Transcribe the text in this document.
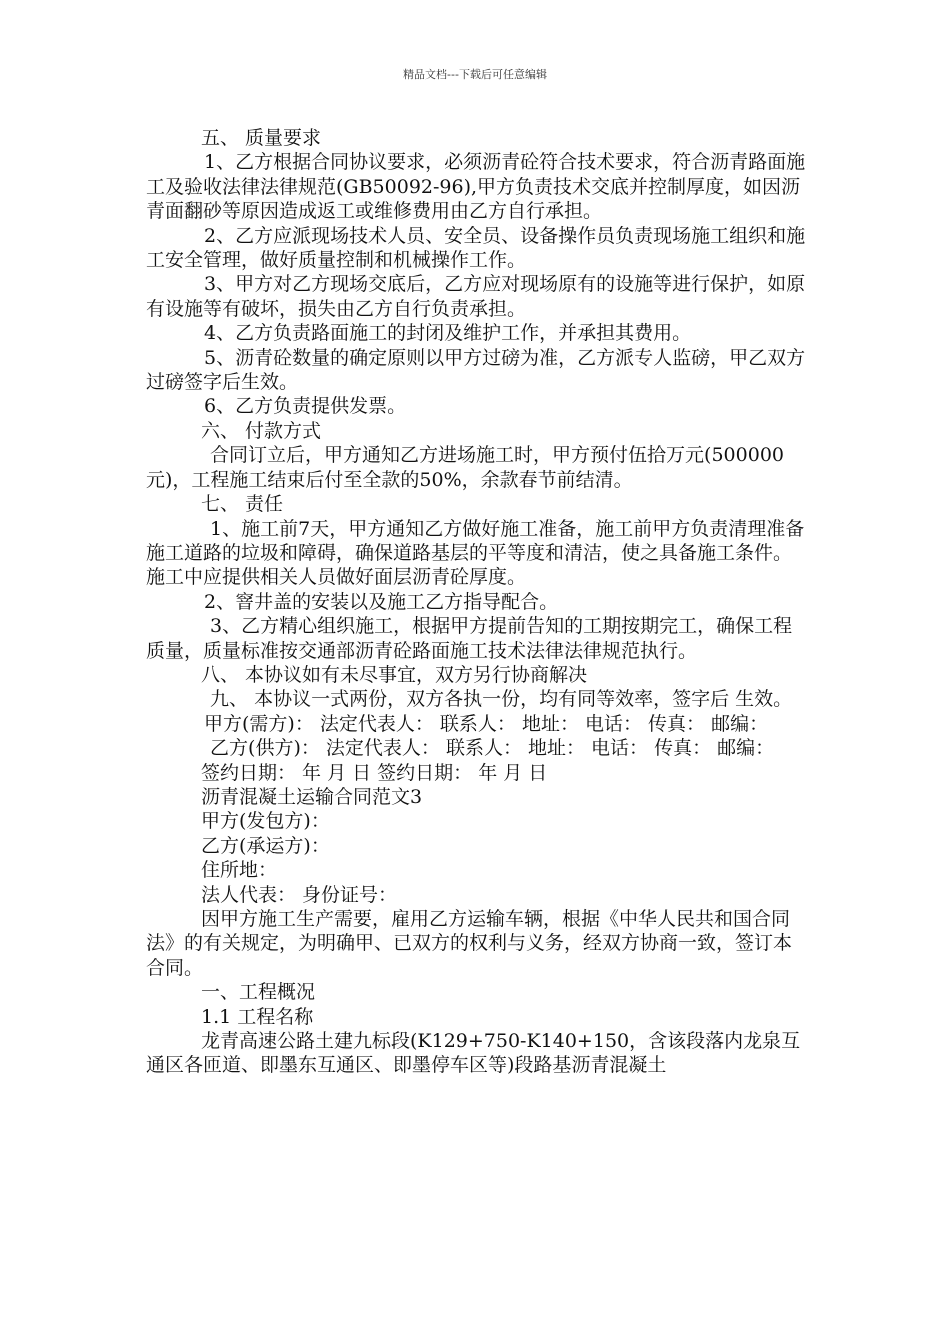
精品文档---下载后可任意编辑

五、 质量要求

1、乙方根据合同协议要求，必须沥青砼符合技术要求，符合沥青路面施工及验收法律法律规范(GB50092-96),甲方负责技术交底并控制厚度，如因沥青面翻砂等原因造成返工或维修费用由乙方自行承担。

2、乙方应派现场技术人员、安全员、设备操作员负责现场施工组织和施工安全管理，做好质量控制和机械操作工作。

3、甲方对乙方现场交底后，乙方应对现场原有的设施等进行保护，如原有设施等有破坏，损失由乙方自行负责承担。

4、乙方负责路面施工的封闭及维护工作，并承担其费用。

5、沥青砼数量的确定原则以甲方过磅为准，乙方派专人监磅，甲乙双方过磅签字后生效。

6、乙方负责提供发票。

六、 付款方式

合同订立后，甲方通知乙方进场施工时，甲方预付伍拾万元(500000元)，工程施工结束后付至全款的50%，余款春节前结清。

七、 责任

1、施工前7天，甲方通知乙方做好施工准备，施工前甲方负责清理准备施工道路的垃圾和障碍，确保道路基层的平等度和清洁，使之具备施工条件。施工中应提供相关人员做好面层沥青砼厚度。

2、窨井盖的安装以及施工乙方指导配合。

3、乙方精心组织施工，根据甲方提前告知的工期按期完工，确保工程质量，质量标准按交通部沥青砼路面施工技术法律法律规范执行。

八、 本协议如有未尽事宜，双方另行协商解决

九、 本协议一式两份，双方各执一份，均有同等效率，签字后 生效。

甲方(需方)： 法定代表人： 联系人： 地址： 电话： 传真： 邮编：

乙方(供方)： 法定代表人： 联系人： 地址： 电话： 传真： 邮编：

签约日期： 年 月 日 签约日期： 年 月 日

沥青混凝土运输合同范文3

甲方(发包方)：

乙方(承运方)：

住所地：

法人代表： 身份证号：

因甲方施工生产需要，雇用乙方运输车辆，根据《中华人民共和国合同法》的有关规定，为明确甲、已双方的权利与义务，经双方协商一致，签订本合同。

一、工程概况

1.1 工程名称

龙青高速公路土建九标段(K129+750-K140+150，含该段落内龙泉互通区各匝道、即墨东互通区、即墨停车区等)段路基沥青混凝土
